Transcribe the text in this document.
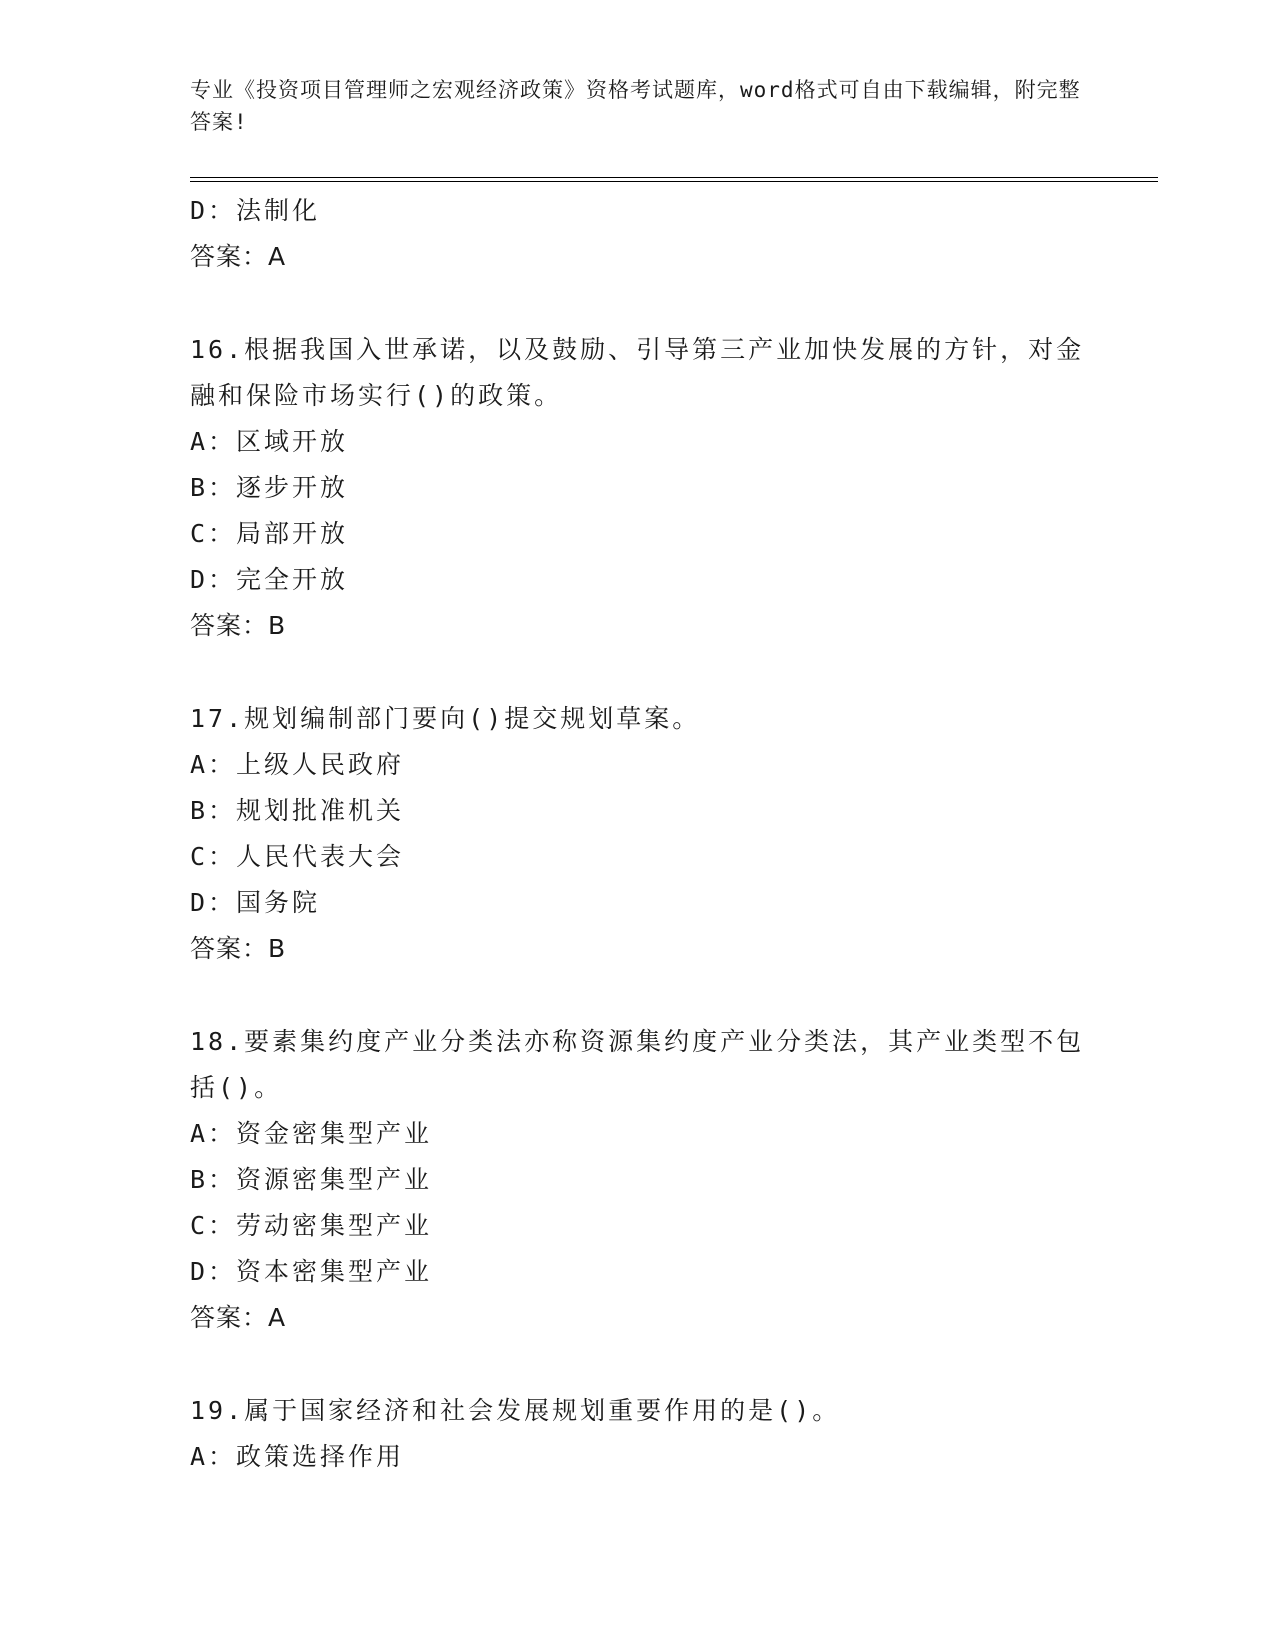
专业《投资项目管理师之宏观经济政策》资格考试题库，word格式可自由下载编辑，附完整答案!
D：法制化
答案：A
16.根据我国入世承诺，以及鼓励、引导第三产业加快发展的方针，对金融和保险市场实行()的政策。
A：区域开放
B：逐步开放
C：局部开放
D：完全开放
答案：B
17.规划编制部门要向()提交规划草案。
A：上级人民政府
B：规划批准机关
C：人民代表大会
D：国务院
答案：B
18.要素集约度产业分类法亦称资源集约度产业分类法，其产业类型不包括()。
A：资金密集型产业
B：资源密集型产业
C：劳动密集型产业
D：资本密集型产业
答案：A
19.属于国家经济和社会发展规划重要作用的是()。
A：政策选择作用
